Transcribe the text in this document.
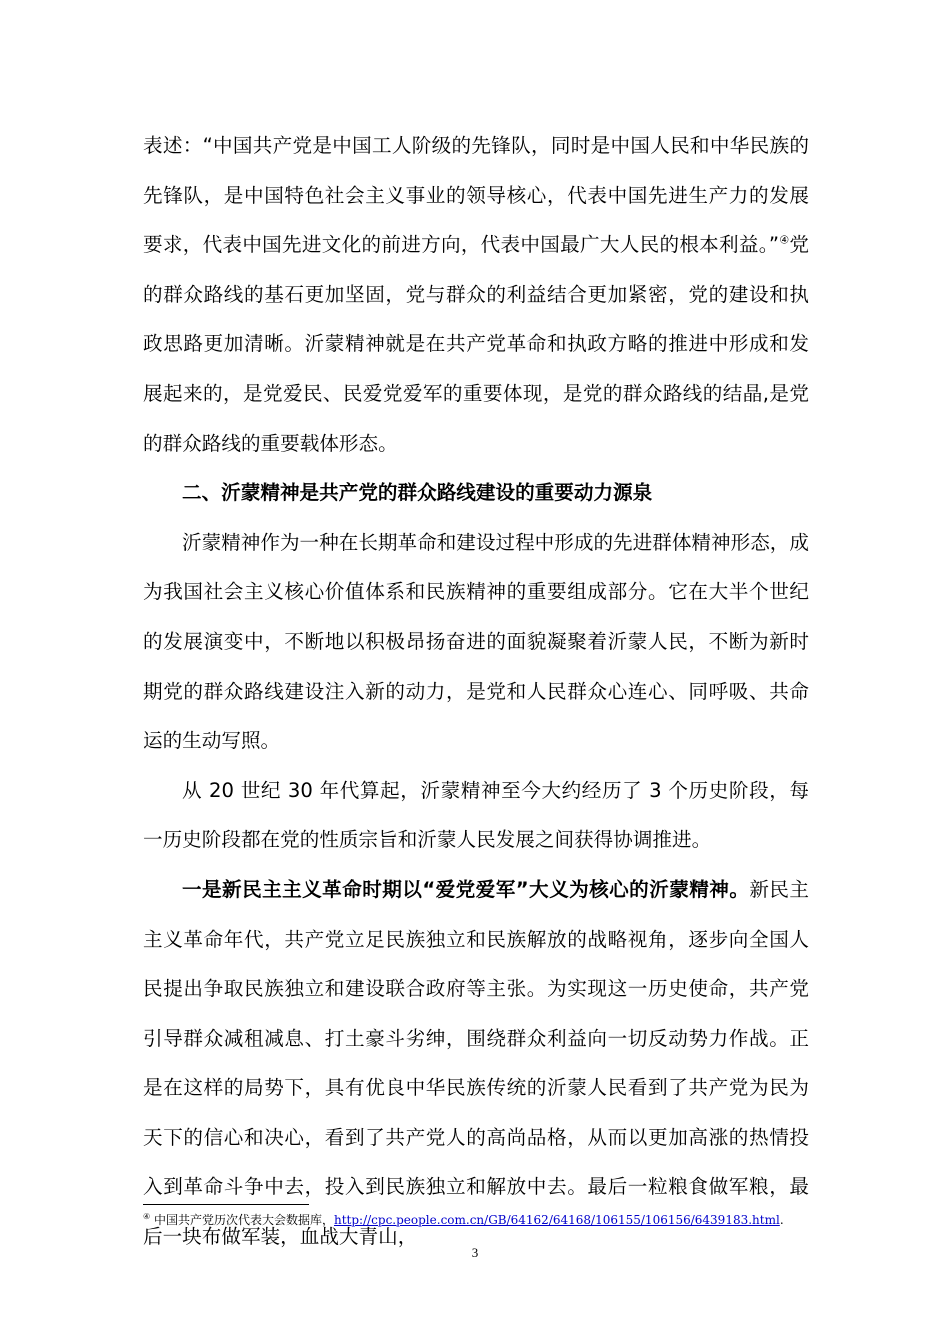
表述：“中国共产党是中国工人阶级的先锋队，同时是中国人民和中华民族的先锋队，是中国特色社会主义事业的领导核心，代表中国先进生产力的发展要求，代表中国先进文化的前进方向，代表中国最广大人民的根本利益。”④党的群众路线的基石更加坚固，党与群众的利益结合更加紧密，党的建设和执政思路更加清晰。沂蒙精神就是在共产党革命和执政方略的推进中形成和发展起来的，是党爱民、民爱党爱军的重要体现，是党的群众路线的结晶,是党的群众路线的重要载体形态。

二、沂蒙精神是共产党的群众路线建设的重要动力源泉

沂蒙精神作为一种在长期革命和建设过程中形成的先进群体精神形态，成为我国社会主义核心价值体系和民族精神的重要组成部分。它在大半个世纪的发展演变中，不断地以积极昂扬奋进的面貌凝聚着沂蒙人民，不断为新时期党的群众路线建设注入新的动力，是党和人民群众心连心、同呼吸、共命运的生动写照。

从 20 世纪 30 年代算起，沂蒙精神至今大约经历了 3 个历史阶段，每一历史阶段都在党的性质宗旨和沂蒙人民发展之间获得协调推进。

一是新民主主义革命时期以“爱党爱军”大义为核心的沂蒙精神。新民主主义革命年代，共产党立足民族独立和民族解放的战略视角，逐步向全国人民提出争取民族独立和建设联合政府等主张。为实现这一历史使命，共产党引导群众减租减息、打土豪斗劣绅，围绕群众利益向一切反动势力作战。正是在这样的局势下，具有优良中华民族传统的沂蒙人民看到了共产党为民为天下的信心和决心，看到了共产党人的高尚品格，从而以更加高涨的热情投入到革命斗争中去，投入到民族独立和解放中去。最后一粒粮食做军粮，最后一块布做军装，血战大青山，

④ 中国共产党历次代表大会数据库，http://cpc.people.com.cn/GB/64162/64168/106155/106156/6439183.html.
3
